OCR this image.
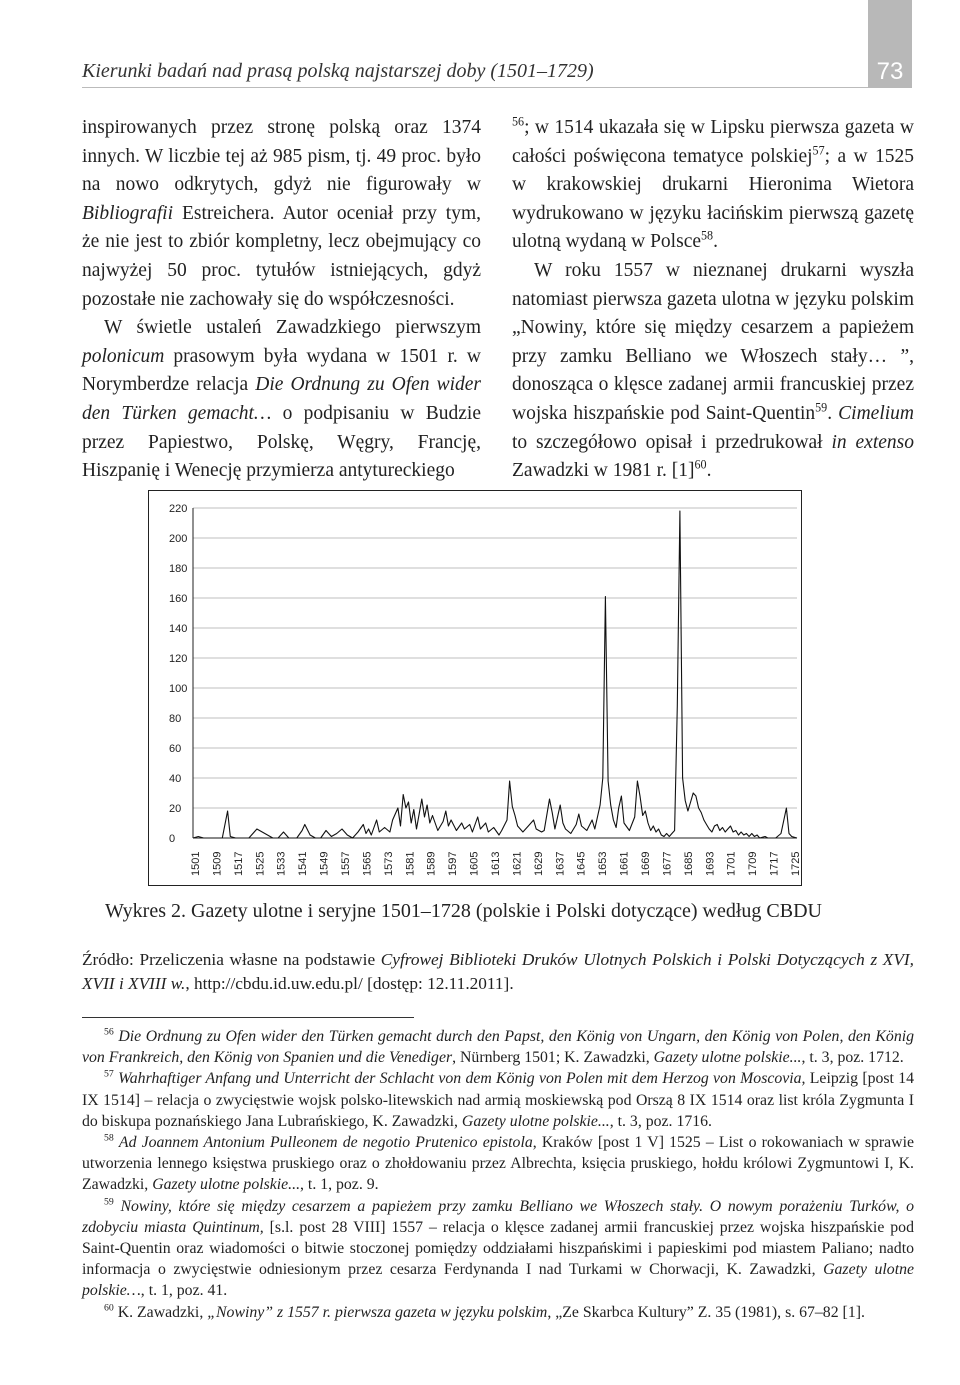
Kierunki badań nad prasą polską najstarszej doby (1501–1729)	73

inspirowanych przez stronę polską oraz 1374 innych. W liczbie tej aż 985 pism, tj. 49 proc. było na nowo odkrytych, gdyż nie figurowały w Bibliografii Estreichera. Autor oceniał przy tym, że nie jest to zbiór kompletny, lecz obejmujący co najwyżej 50 proc. tytułów istniejących, gdyż pozostałe nie zachowały się do współczesności.

W świetle ustaleń Zawadzkiego pierwszym polonicum prasowym była wydana w 1501 r. w Norymberdze relacja Die Ordnung zu Ofen wider den Türken gemacht… o podpisaniu w Budzie przez Papiestwo, Polskę, Węgry, Francję, Hiszpanię i Wenecję przymierza antytureckiego

$^{56}$; w 1514 ukazała się w Lipsku pierwsza gazeta w całości poświęcona tematyce polskiej$^{57}$; a w 1525 w krakowskiej drukarni Hieronima Wietora wydrukowano w języku łacińskim pierwszą gazetę ulotną wydaną w Polsce$^{58}$.

W roku 1557 w nieznanej drukarni wyszła natomiast pierwsza gazeta ulotna w języku polskim „Nowiny, które się między cesarzem a papieżem przy zamku Belliano we Włoszech stały… ”, donosząca o klęsce zadanej armii francuskiej przez wojska hiszpańskie pod Saint-Quentin$^{59}$. Cimelium to szczegółowo opisał i przedrukował in extenso Zawadzki w 1981 r. $[1]^{60}$.

0
20
40
60
80
100
120
140
160
180
200
220
1501 1509 1517 1525 1533 1541 1549 1557 1565 1573 1581 1589 1597 1605 1613 1621 1629 1637 1645 1653 1661 1669 1677 1685 1693 1701 1709 1717 1725
Wykres 2. Gazety ulotne i seryjne 1501–1728 (polskie i Polski dotyczące) według CBDU
Źródło: Przeliczenia własne na podstawie Cyfrowej Biblioteki Druków Ulotnych Polskich i Polski Dotyczących z XVI, XVII i XVIII w., http://cbdu.id.uw.edu.pl/ [dostęp: 12.11.2011].

$^{56}$ Die Ordnung zu Ofen wider den Türken gemacht durch den Papst, den König von Ungarn, den König von Polen, den König von Frankreich, den König von Spanien und die Venediger, Nürnberg 1501; K. Zawadzki, Gazety ulotne polskie..., t. 3, poz. 1712.

$^{57}$ Wahrhaftiger Anfang und Unterricht der Schlacht von dem König von Polen mit dem Herzog von Moscovia, Leipzig [post 14 IX 1514] – relacja o zwycięstwie wojsk polsko-litewskich nad armią moskiewską pod Orszą 8 IX 1514 oraz list króla Zygmunta I do biskupa poznańskiego Jana Lubrańskiego, K. Zawadzki, Gazety ulotne polskie..., t. 3, poz. 1716.

$^{58}$ Ad Joannem Antonium Pulleonem de negotio Prutenico epistola, Kraków [post 1 V] 1525 – List o rokowaniach w sprawie utworzenia lennego księstwa pruskiego oraz o zhołdowaniu przez Albrechta, księcia pruskiego, hołdu królowi Zygmuntowi I, K. Zawadzki, Gazety ulotne polskie..., t. 1, poz. 9.

$^{59}$ Nowiny, które się między cesarzem a papieżem przy zamku Belliano we Włoszech stały. O nowym porażeniu Turków, o zdobyciu miasta Quintinum, [s.l. post 28 VIII] 1557 – relacja o klęsce zadanej armii francuskiej przez wojska hiszpańskie pod Saint-Quentin oraz wiadomości o bitwie stoczonej pomiędzy oddziałami hiszpańskimi i papieskimi pod miastem Paliano; nadto informacja o zwycięstwie odniesionym przez cesarza Ferdynanda I nad Turkami w Chorwacji, K. Zawadzki, Gazety ulotne polskie…, t. 1, poz. 41.

$^{60}$ K. Zawadzki, „Nowiny” z 1557 r. pierwsza gazeta w języku polskim, „Ze Skarbca Kultury” Z. 35 (1981), s. 67–82 [1].
